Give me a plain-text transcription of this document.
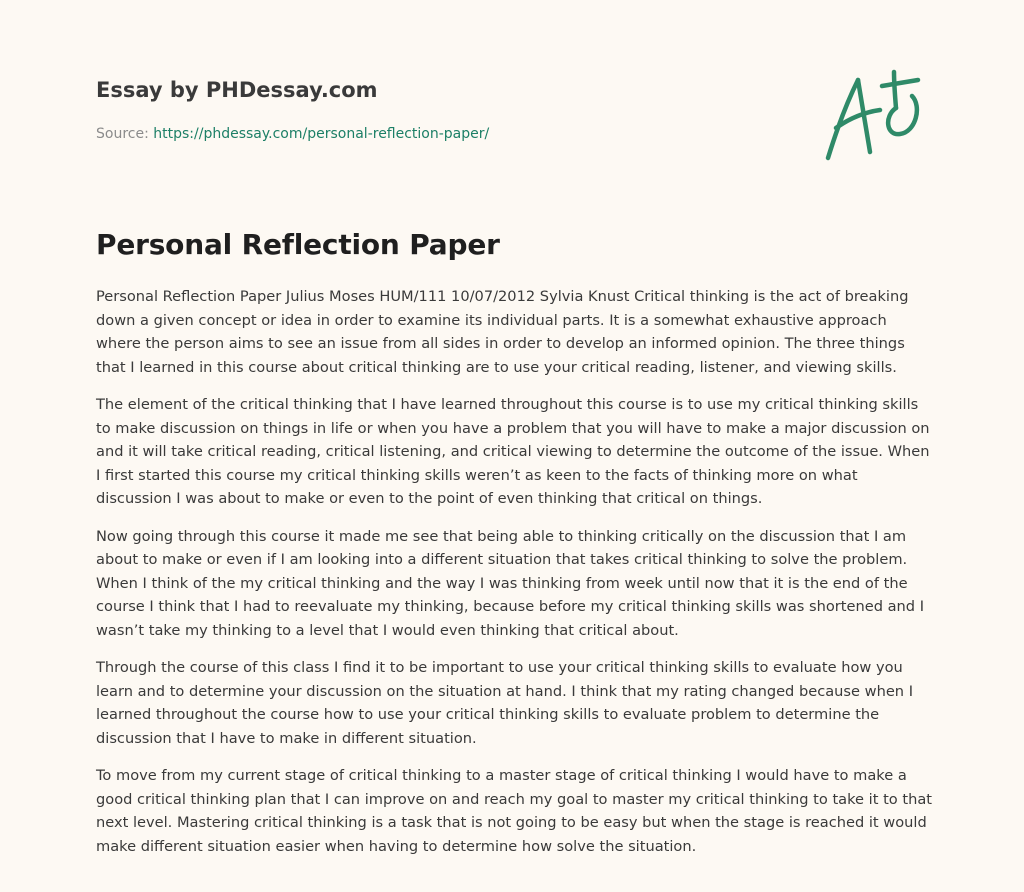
Essay by PHDessay.com
Source: https://phdessay.com/personal-reflection-paper/
Personal Reflection Paper

Personal Reflection Paper Julius Moses HUM/111 10/07/2012 Sylvia Knust Critical thinking is the act of breaking down a given concept or idea in order to examine its individual parts. It is a somewhat exhaustive approach where the person aims to see an issue from all sides in order to develop an informed opinion. The three things that I learned in this course about critical thinking are to use your critical reading, listener, and viewing skills.

The element of the critical thinking that I have learned throughout this course is to use my critical thinking skills to make discussion on things in life or when you have a problem that you will have to make a major discussion on and it will take critical reading, critical listening, and critical viewing to determine the outcome of the issue. When I first started this course my critical thinking skills weren’t as keen to the facts of thinking more on what discussion I was about to make or even to the point of even thinking that critical on things.

Now going through this course it made me see that being able to thinking critically on the discussion that I am about to make or even if I am looking into a different situation that takes critical thinking to solve the problem. When I think of the my critical thinking and the way I was thinking from week until now that it is the end of the course I think that I had to reevaluate my thinking, because before my critical thinking skills was shortened and I wasn’t take my thinking to a level that I would even thinking that critical about.

Through the course of this class I find it to be important to use your critical thinking skills to evaluate how you learn and to determine your discussion on the situation at hand. I think that my rating changed because when I learned throughout the course how to use your critical thinking skills to evaluate problem to determine the discussion that I have to make in different situation.

To move from my current stage of critical thinking to a master stage of critical thinking I would have to make a good critical thinking plan that I can improve on and reach my goal to master my critical thinking to take it to that next level. Mastering critical thinking is a task that is not going to be easy but when the stage is reached it would make different situation easier when having to determine how solve the situation.
